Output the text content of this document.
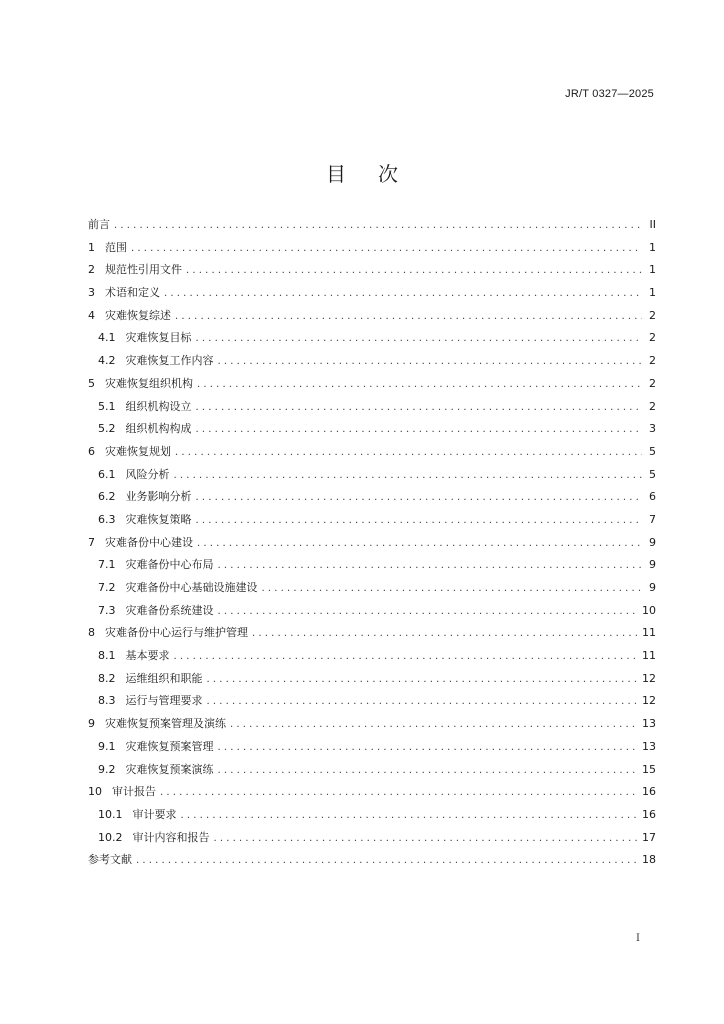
JR/T 0327—2025
目次
前言 .....	II
1 范围 .....	1
2 规范性引用文件 .....	1
3 术语和定义 .....	1
4 灾难恢复综述 .....	2
4.1 灾难恢复目标 .....	2
4.2 灾难恢复工作内容 .....	2
5 灾难恢复组织机构 .....	2
5.1 组织机构设立 .....	2
5.2 组织机构构成 .....	3
6 灾难恢复规划 .....	5
6.1 风险分析 .....	5
6.2 业务影响分析 .....	6
6.3 灾难恢复策略 .....	7
7 灾难备份中心建设 .....	9
7.1 灾难备份中心布局 .....	9
7.2 灾难备份中心基础设施建设 .....	9
7.3 灾难备份系统建设 .....	10
8 灾难备份中心运行与维护管理 .....	11
8.1 基本要求 .....	11
8.2 运维组织和职能 .....	12
8.3 运行与管理要求 .....	12
9 灾难恢复预案管理及演练 .....	13
9.1 灾难恢复预案管理 .....	13
9.2 灾难恢复预案演练 .....	15
10 审计报告 .....	16
10.1 审计要求 .....	16
10.2 审计内容和报告 .....	17
参考文献 .....	18
I
